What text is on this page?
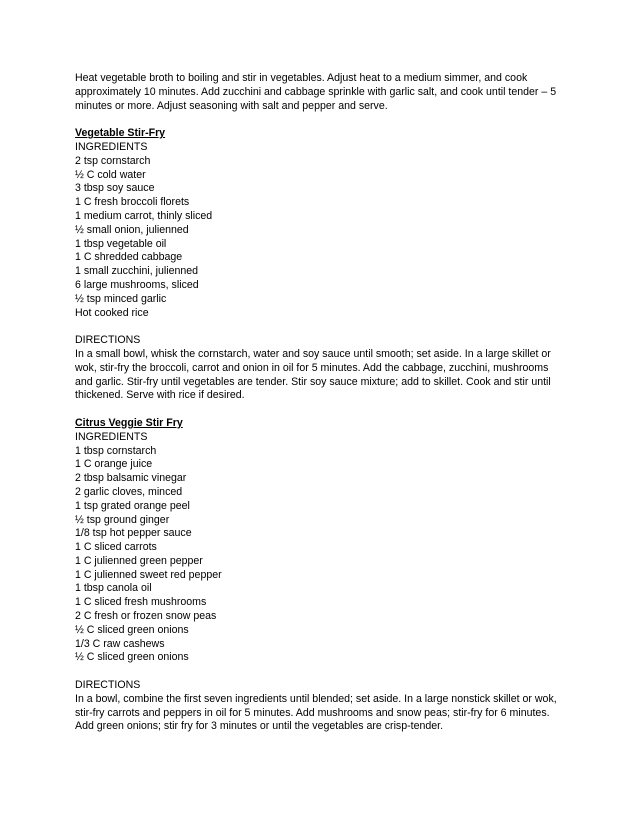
Heat vegetable broth to boiling and stir in vegetables. Adjust heat to a medium simmer, and cook approximately 10 minutes. Add zucchini and cabbage sprinkle with garlic salt, and cook until tender – 5 minutes or more. Adjust seasoning with salt and pepper and serve.

Vegetable Stir-Fry

INGREDIENTS

2 tsp cornstarch

½ C cold water

3 tbsp soy sauce

1 C fresh broccoli florets

1 medium carrot, thinly sliced

½ small onion, julienned

1 tbsp vegetable oil

1 C shredded cabbage

1 small zucchini, julienned

6 large mushrooms, sliced

½ tsp minced garlic

Hot cooked rice

DIRECTIONS

In a small bowl, whisk the cornstarch, water and soy sauce until smooth; set aside. In a large skillet or wok, stir-fry the broccoli, carrot and onion in oil for 5 minutes. Add the cabbage, zucchini, mushrooms and garlic. Stir-fry until vegetables are tender. Stir soy sauce mixture; add to skillet. Cook and stir until thickened. Serve with rice if desired.

Citrus Veggie Stir Fry

INGREDIENTS

1 tbsp cornstarch

1 C orange juice

2 tbsp balsamic vinegar

2 garlic cloves, minced

1 tsp grated orange peel

½ tsp ground ginger

1/8 tsp hot pepper sauce

1 C sliced carrots

1 C julienned green pepper

1 C julienned sweet red pepper

1 tbsp canola oil

1 C sliced fresh mushrooms

2 C fresh or frozen snow peas

½ C sliced green onions

1/3 C raw cashews

½ C sliced green onions

DIRECTIONS

In a bowl, combine the first seven ingredients until blended; set aside. In a large nonstick skillet or wok, stir-fry carrots and peppers in oil for 5 minutes. Add mushrooms and snow peas; stir-fry for 6 minutes. Add green onions; stir fry for 3 minutes or until the vegetables are crisp-tender.
